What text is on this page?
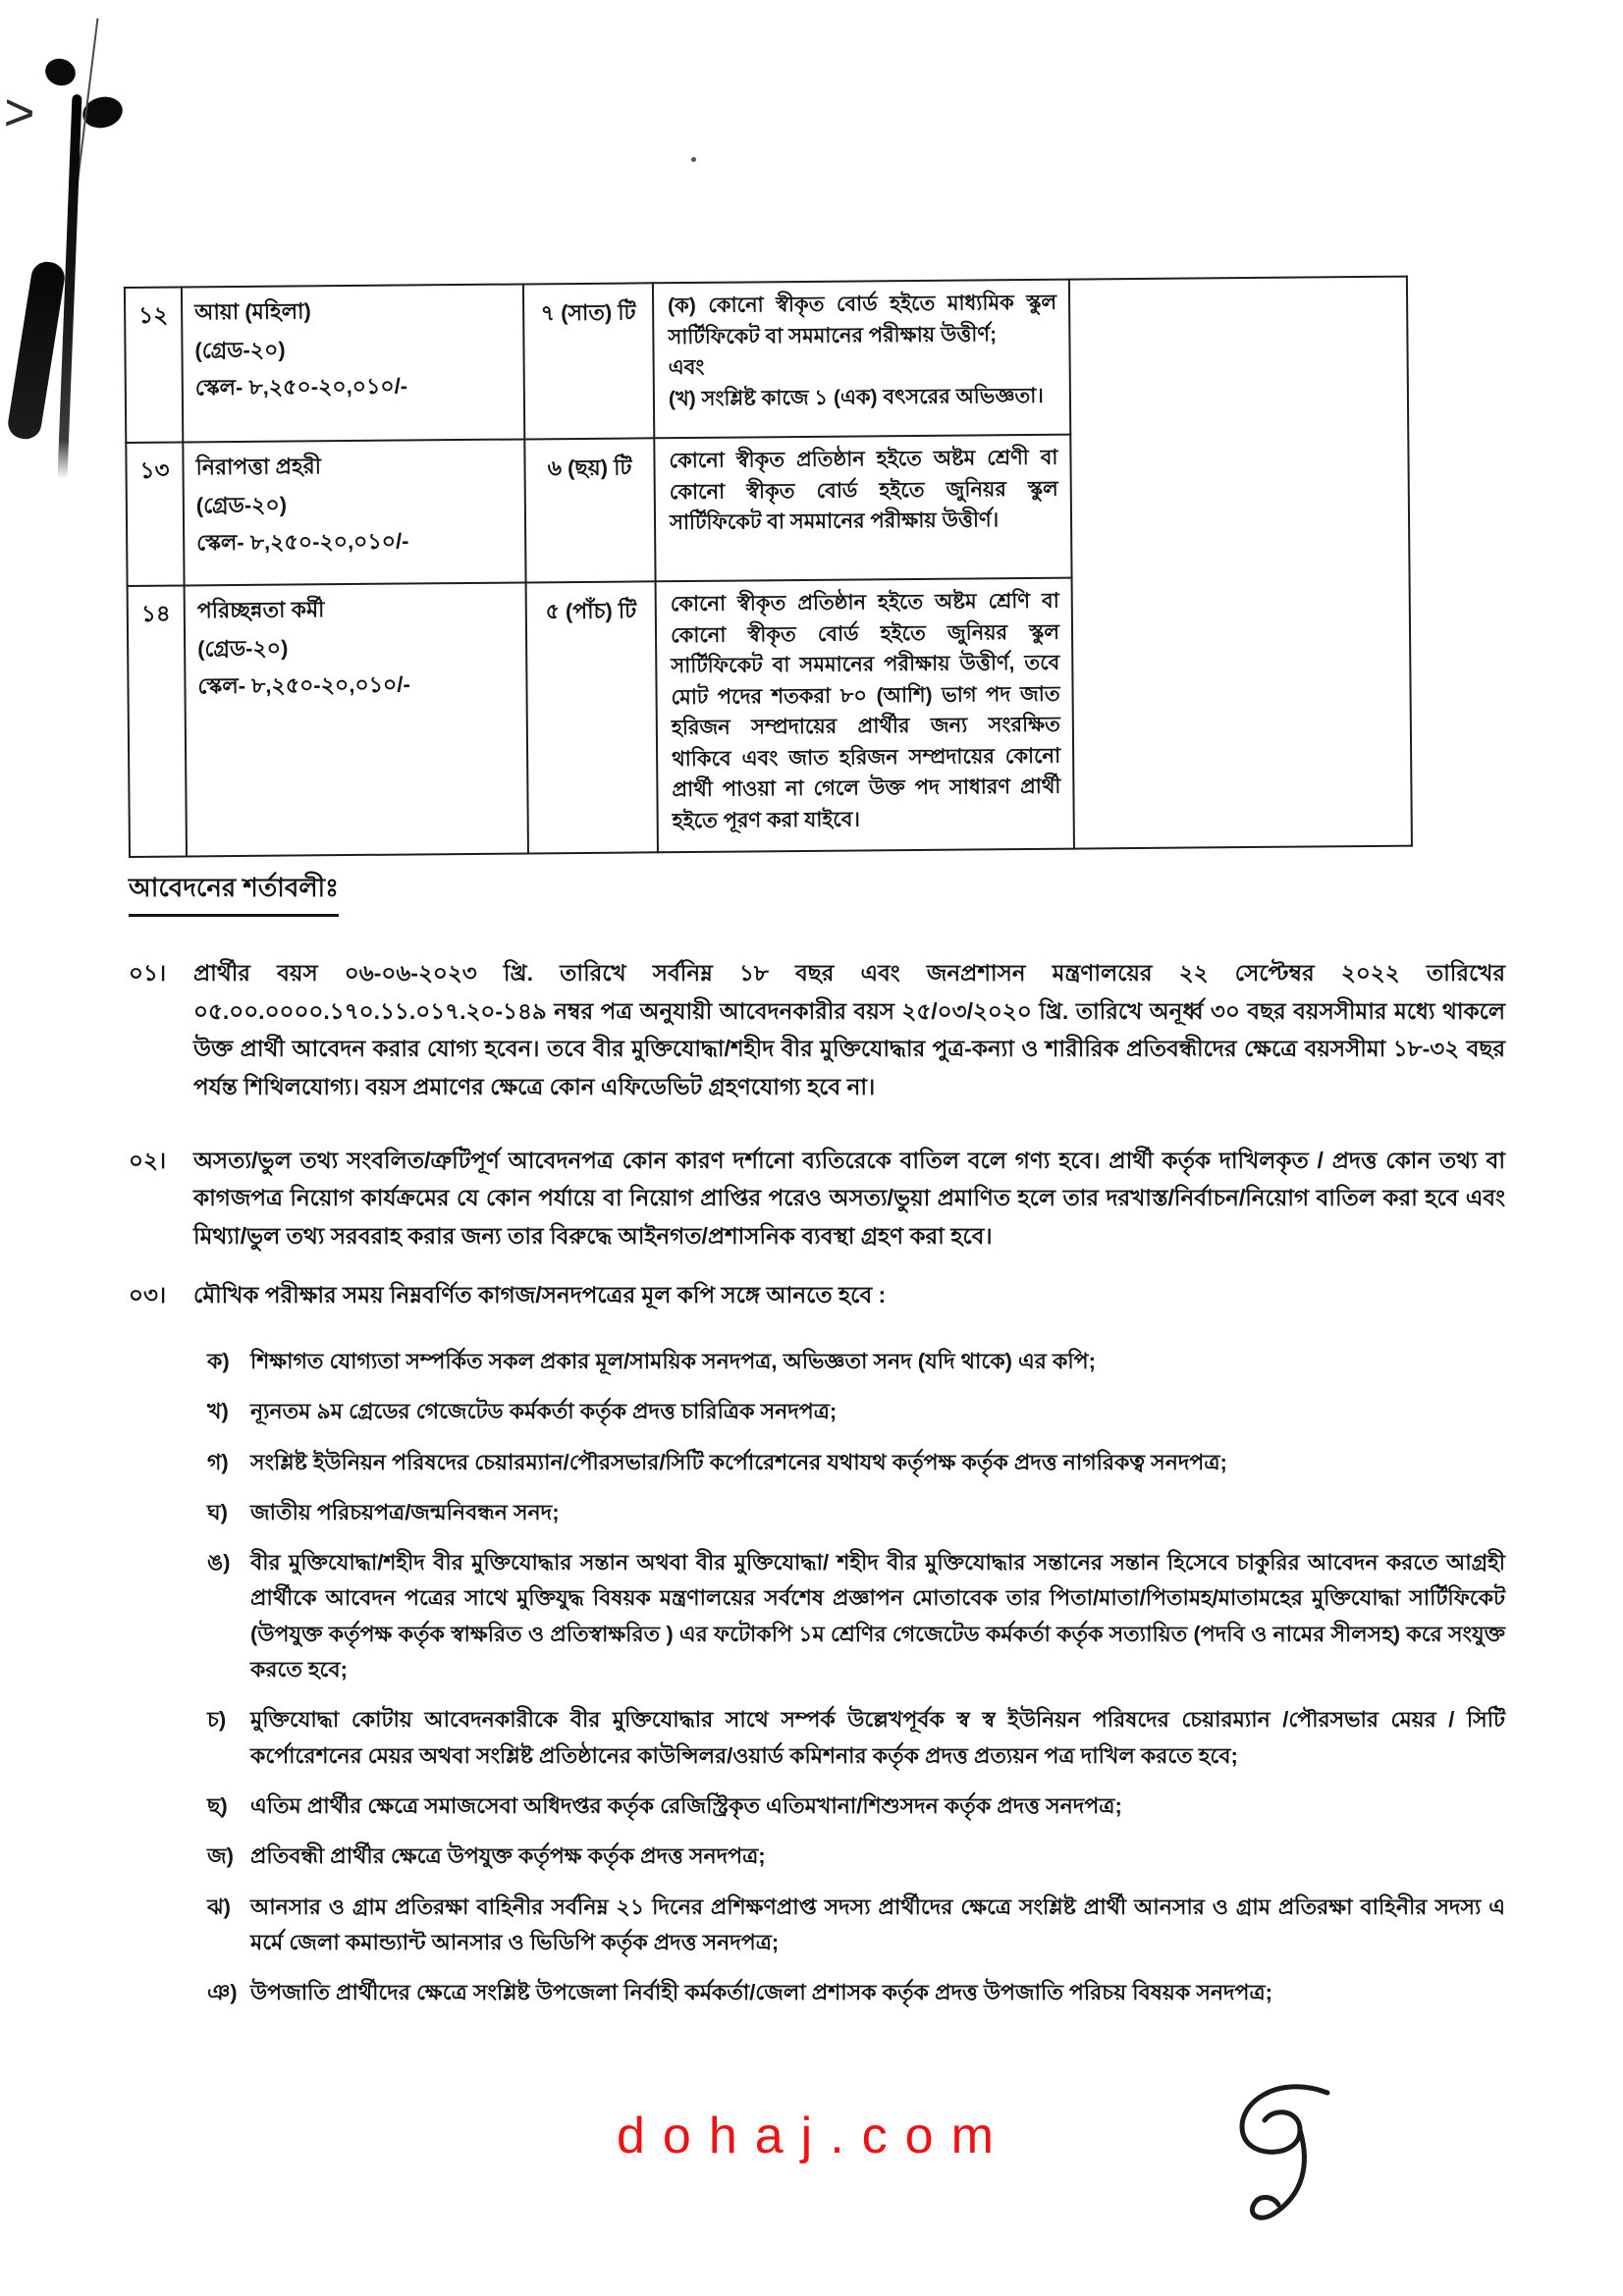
>
১২	আয়া (মহিলা)
(গ্রেড-২০)
স্কেল- ৮,২৫০-২০,০১০/-	৭ (সাত) টি	(ক) কোনো স্বীকৃত বোর্ড হইতে মাধ্যমিক স্কুল সার্টিফিকেট বা সমমানের পরীক্ষায় উত্তীর্ণ;
এবং
(খ) সংশ্লিষ্ট কাজে ১ (এক) বৎসরের অভিজ্ঞতা।	
১৩	নিরাপত্তা প্রহরী
(গ্রেড-২০)
স্কেল- ৮,২৫০-২০,০১০/-	৬ (ছয়) টি	কোনো স্বীকৃত প্রতিষ্ঠান হইতে অষ্টম শ্রেণী বা কোনো স্বীকৃত বোর্ড হইতে জুনিয়র স্কুল সার্টিফিকেট বা সমমানের পরীক্ষায় উত্তীর্ণ।	
১৪	পরিচ্ছন্নতা কর্মী
(গ্রেড-২০)
স্কেল- ৮,২৫০-২০,০১০/-	৫ (পাঁচ) টি	কোনো স্বীকৃত প্রতিষ্ঠান হইতে অষ্টম শ্রেণি বা কোনো স্বীকৃত বোর্ড হইতে জুনিয়র স্কুল সার্টিফিকেট বা সমমানের পরীক্ষায় উত্তীর্ণ, তবে মোট পদের শতকরা ৮০ (আশি) ভাগ পদ জাত হরিজন সম্প্রদায়ের প্রার্থীর জন্য সংরক্ষিত থাকিবে এবং জাত হরিজন সম্প্রদায়ের কোনো প্রার্থী পাওয়া না গেলে উক্ত পদ সাধারণ প্রার্থী হইতে পূরণ করা যাইবে।
আবেদনের শর্তাবলীঃ
০১।	প্রার্থীর বয়স ০৬-০৬-২০২৩ খ্রি. তারিখে সর্বনিম্ন ১৮ বছর এবং জনপ্রশাসন মন্ত্রণালয়ের ২২ সেপ্টেম্বর ২০২২ তারিখের ০৫.০০.০০০০.১৭০.১১.০১৭.২০-১৪৯ নম্বর পত্র অনুযায়ী আবেদনকারীর বয়স ২৫/০৩/২০২০ খ্রি. তারিখে অনূর্ধ্ব ৩০ বছর বয়সসীমার মধ্যে থাকলে উক্ত প্রার্থী আবেদন করার যোগ্য হবেন। তবে বীর মুক্তিযোদ্ধা/শহীদ বীর মুক্তিযোদ্ধার পুত্র-কন্যা ও শারীরিক প্রতিবন্ধীদের ক্ষেত্রে বয়সসীমা ১৮-৩২ বছর পর্যন্ত শিথিলযোগ্য। বয়স প্রমাণের ক্ষেত্রে কোন এফিডেভিট গ্রহণযোগ্য হবে না।
০২।	অসত্য/ভুল তথ্য সংবলিত/ত্রুটিপূর্ণ আবেদনপত্র কোন কারণ দর্শানো ব্যতিরেকে বাতিল বলে গণ্য হবে। প্রার্থী কর্তৃক দাখিলকৃত / প্রদত্ত কোন তথ্য বা কাগজপত্র নিয়োগ কার্যক্রমের যে কোন পর্যায়ে বা নিয়োগ প্রাপ্তির পরেও অসত্য/ভুয়া প্রমাণিত হলে তার দরখাস্ত/নির্বাচন/নিয়োগ বাতিল করা হবে এবং মিথ্যা/ভুল তথ্য সরবরাহ করার জন্য তার বিরুদ্ধে আইনগত/প্রশাসনিক ব্যবস্থা গ্রহণ করা হবে।
০৩।	মৌখিক পরীক্ষার সময় নিম্নবর্ণিত কাগজ/সনদপত্রের মূল কপি সঙ্গে আনতে হবে :
ক) শিক্ষাগত যোগ্যতা সম্পর্কিত সকল প্রকার মূল/সাময়িক সনদপত্র, অভিজ্ঞতা সনদ (যদি থাকে) এর কপি;
খ)	ন্যূনতম ৯ম গ্রেডের গেজেটেড কর্মকর্তা কর্তৃক প্রদত্ত চারিত্রিক সনদপত্র;
গ)	সংশ্লিষ্ট ইউনিয়ন পরিষদের চেয়ারম্যান/পৌরসভার/সিটি কর্পোরেশনের যথাযথ কর্তৃপক্ষ কর্তৃক প্রদত্ত নাগরিকত্ব সনদপত্র;
ঘ)	জাতীয় পরিচয়পত্র/জন্মনিবন্ধন সনদ;
ঙ) বীর মুক্তিযোদ্ধা/শহীদ বীর মুক্তিযোদ্ধার সন্তান অথবা বীর মুক্তিযোদ্ধা/ শহীদ বীর মুক্তিযোদ্ধার সন্তানের সন্তান হিসেবে চাকুরির আবেদন করতে আগ্রহী প্রার্থীকে আবেদন পত্রের সাথে মুক্তিযুদ্ধ বিষয়ক মন্ত্রণালয়ের সর্বশেষ প্রজ্ঞাপন মোতাবেক তার পিতা/মাতা/পিতামহ/মাতামহের মুক্তিযোদ্ধা সার্টিফিকেট (উপযুক্ত কর্তৃপক্ষ কর্তৃক স্বাক্ষরিত ও প্রতিস্বাক্ষরিত ) এর ফটোকপি ১ম শ্রেণির গেজেটেড কর্মকর্তা কর্তৃক সত্যায়িত (পদবি ও নামের সীলসহ) করে সংযুক্ত করতে হবে;
চ)	মুক্তিযোদ্ধা কোটায় আবেদনকারীকে বীর মুক্তিযোদ্ধার সাথে সম্পর্ক উল্লেখপূর্বক স্ব স্ব ইউনিয়ন পরিষদের চেয়ারম্যান /পৌরসভার মেয়র / সিটি কর্পোরেশনের মেয়র অথবা সংশ্লিষ্ট প্রতিষ্ঠানের কাউন্সিলর/ওয়ার্ড কমিশনার কর্তৃক প্রদত্ত প্রত্যয়ন পত্র দাখিল করতে হবে;
ছ)	এতিম প্রার্থীর ক্ষেত্রে সমাজসেবা অধিদপ্তর কর্তৃক রেজিস্ট্রিকৃত এতিমখানা/শিশুসদন কর্তৃক প্রদত্ত সনদপত্র;
জ) প্রতিবন্ধী প্রার্থীর ক্ষেত্রে উপযুক্ত কর্তৃপক্ষ কর্তৃক প্রদত্ত সনদপত্র;
ঝ) আনসার ও গ্রাম প্রতিরক্ষা বাহিনীর সর্বনিম্ন ২১ দিনের প্রশিক্ষণপ্রাপ্ত সদস্য প্রার্থীদের ক্ষেত্রে সংশ্লিষ্ট প্রার্থী আনসার ও গ্রাম প্রতিরক্ষা বাহিনীর সদস্য এ মর্মে জেলা কমান্ড্যান্ট আনসার ও ভিডিপি কর্তৃক প্রদত্ত সনদপত্র;
ঞ) উপজাতি প্রার্থীদের ক্ষেত্রে সংশ্লিষ্ট উপজেলা নির্বাহী কর্মকর্তা/জেলা প্রশাসক কর্তৃক প্রদত্ত উপজাতি পরিচয় বিষয়ক সনদপত্র;
dohaj.com
